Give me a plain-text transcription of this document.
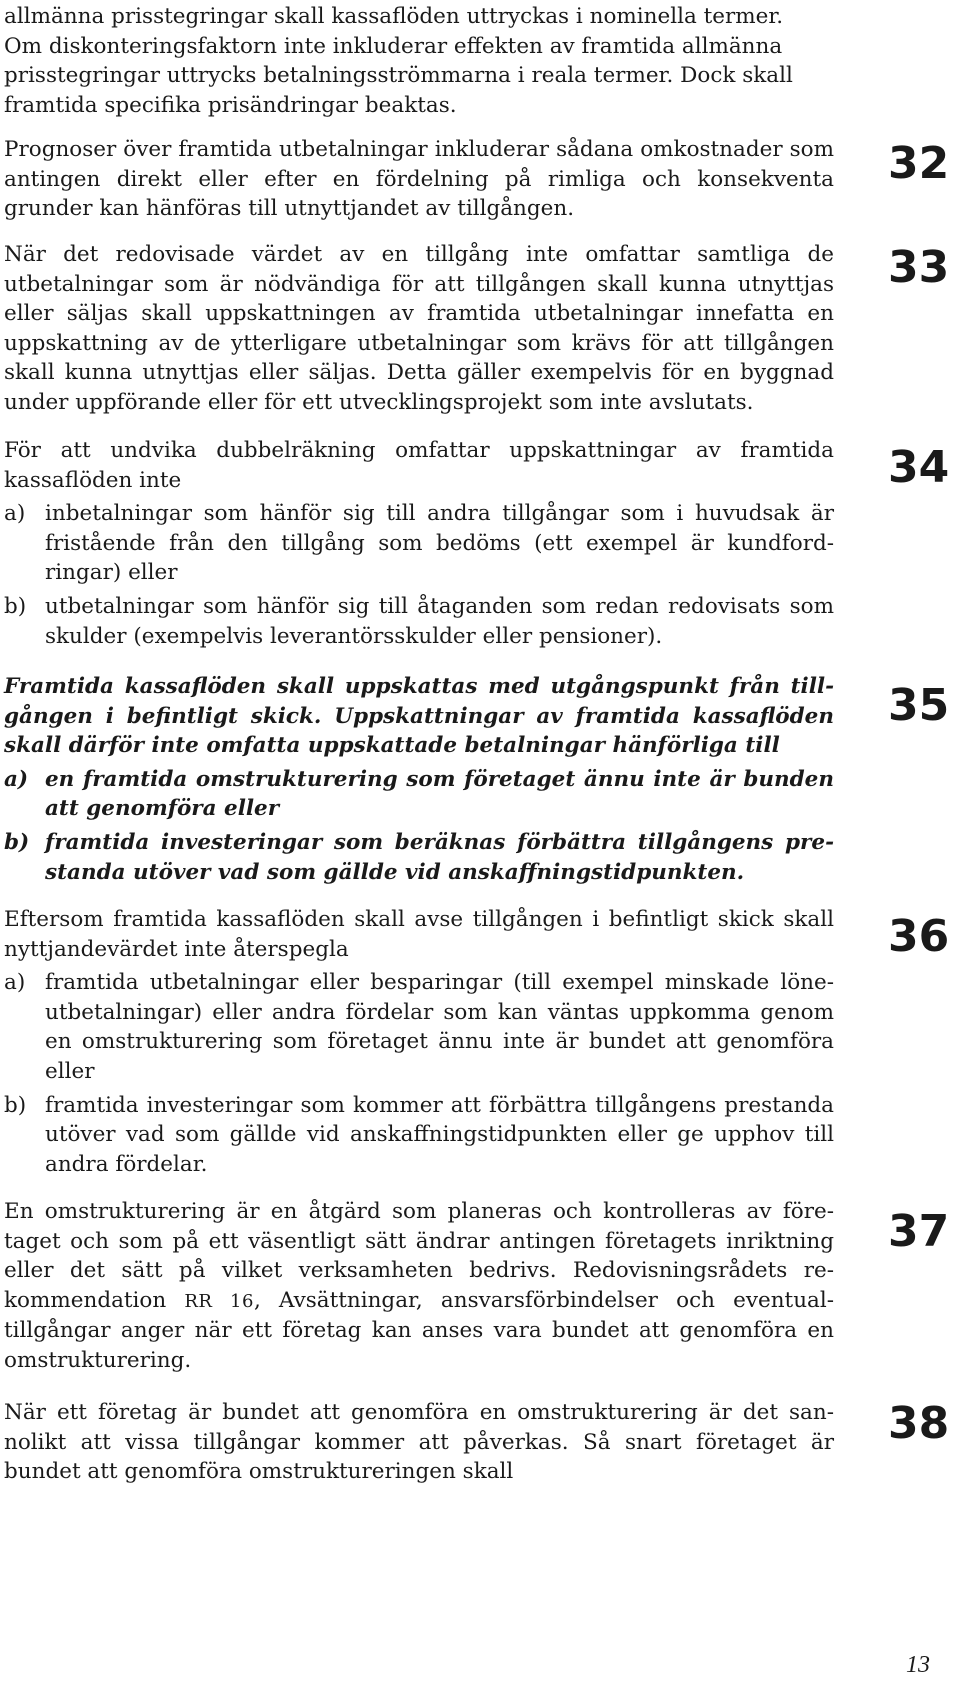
allmänna prisstegringar skall kassaflöden uttryckas i nominella termer.

Om diskonteringsfaktorn inte inkluderar effekten av framtida allmänna

prisstegringar uttrycks betalningsströmmarna i reala termer. Dock skall

framtida specifika prisändringar beaktas.

Prognoser över framtida utbetalningar inkluderar sådana omkostnader som antingen direkt eller efter en fördelning på rimliga och konsekventa grunder kan hänföras till utnyttjandet av tillgången.

32

När det redovisade värdet av en tillgång inte omfattar samtliga de utbetalningar som är nödvändiga för att tillgången skall kunna utnyttjas eller säljas skall uppskattningen av framtida utbetalningar innefatta en uppskattning av de ytterligare utbetalningar som krävs för att tillgången skall kunna utnyttjas eller säljas. Detta gäller exempelvis för en byggnad under uppförande eller för ett utvecklingsprojekt som inte avslutats.

33

För att undvika dubbelräkning omfattar uppskattningar av framtida kassaflöden inte

a) inbetalningar som hänför sig till andra tillgångar som i huvudsak är fristående från den tillgång som bedöms (ett exempel är kundfordringar) eller

b) utbetalningar som hänför sig till åtaganden som redan redovisats som skulder (exempelvis leverantörsskulder eller pensioner).

34

Framtida kassaflöden skall uppskattas med utgångspunkt från tillgången i befintligt skick. Uppskattningar av framtida kassaflöden skall därför inte omfatta uppskattade betalningar hänförliga till

a) en framtida omstrukturering som företaget ännu inte är bunden att genomföra eller

b) framtida investeringar som beräknas förbättra tillgångens prestanda utöver vad som gällde vid anskaffningstidpunkten.

35

Eftersom framtida kassaflöden skall avse tillgången i befintligt skick skall nyttjandevärdet inte återspegla

a) framtida utbetalningar eller besparingar (till exempel minskade löneutbetalningar) eller andra fördelar som kan väntas uppkomma genom en omstrukturering som företaget ännu inte är bundet att genomföra eller

b) framtida investeringar som kommer att förbättra tillgångens prestanda utöver vad som gällde vid anskaffningstidpunkten eller ge upphov till andra fördelar.

36

En omstrukturering är en åtgärd som planeras och kontrolleras av företaget och som på ett väsentligt sätt ändrar antingen företagets inriktning eller det sätt på vilket verksamheten bedrivs. Redovisningsrådets rekommendation RR 16, Avsättningar, ansvarsförbindelser och eventualtillgångar anger när ett företag kan anses vara bundet att genomföra en omstrukturering.

37

När ett företag är bundet att genomföra en omstrukturering är det sannolikt att vissa tillgångar kommer att påverkas. Så snart företaget är bundet att genomföra omstruktureringen skall

38
13
